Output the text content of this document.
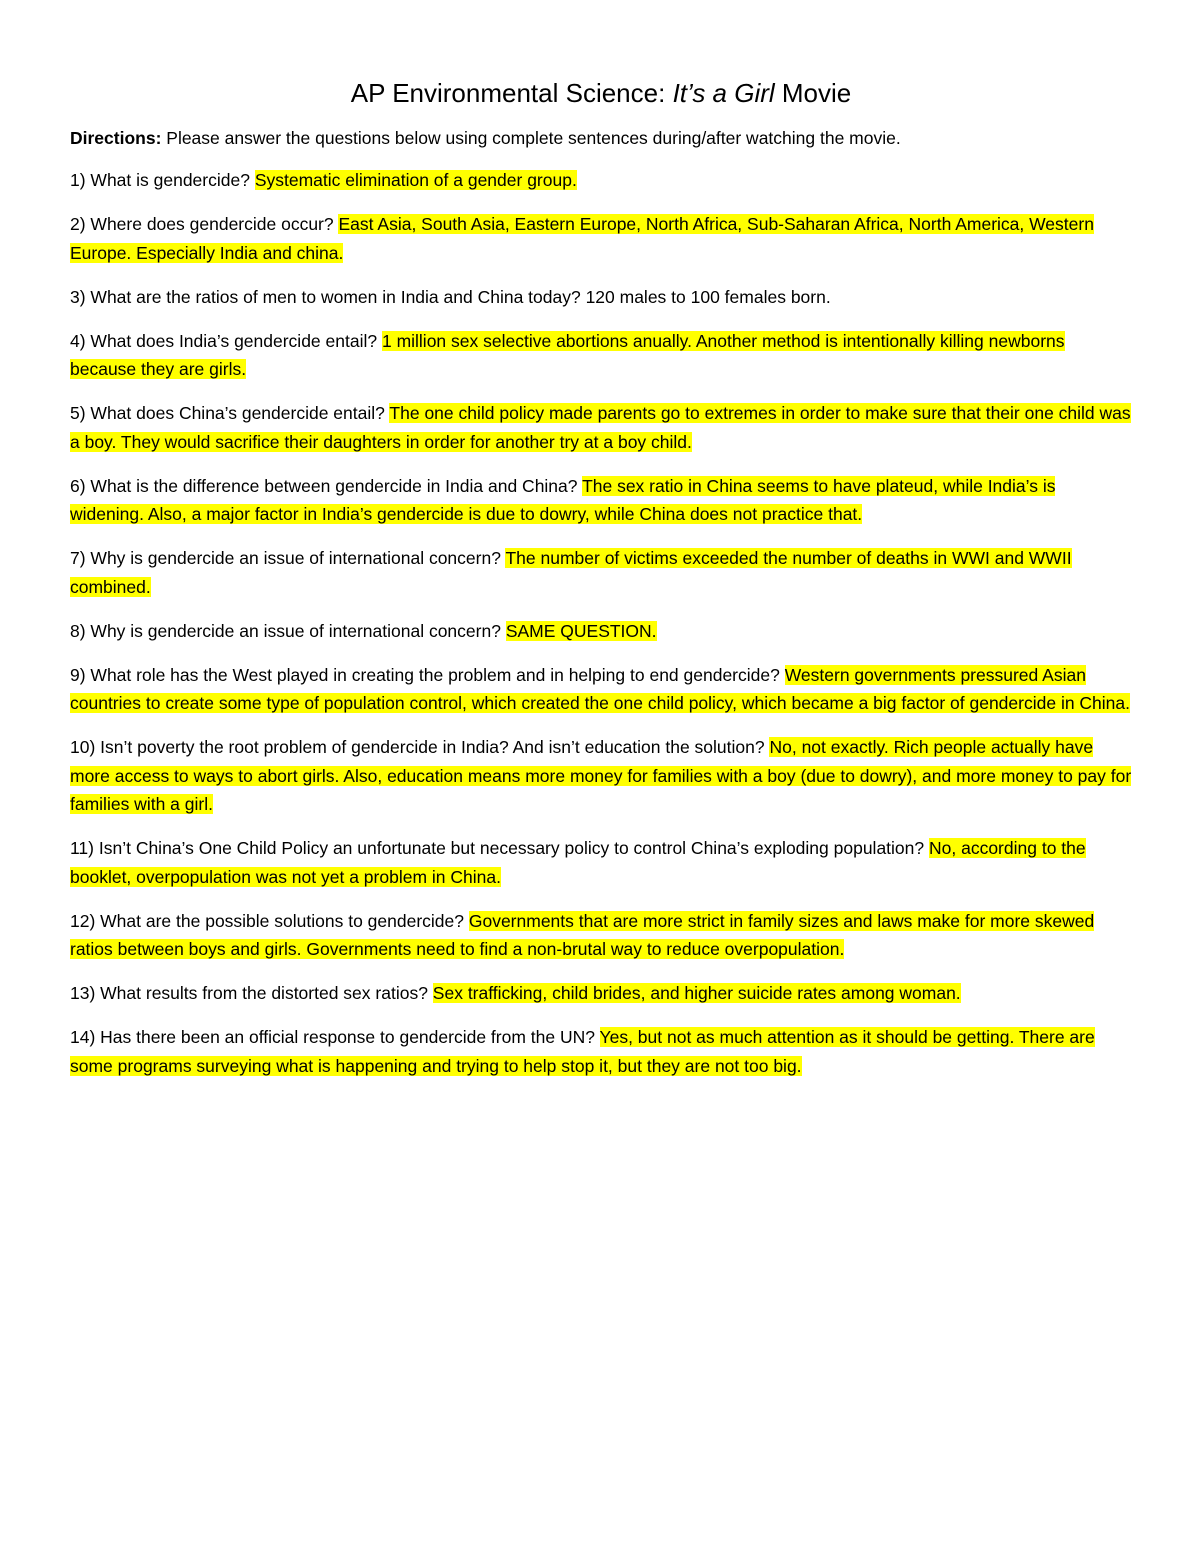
AP Environmental Science: It’s a Girl Movie

Directions: Please answer the questions below using complete sentences during/after watching the movie.

1) What is gendercide? Systematic elimination of a gender group.

2) Where does gendercide occur? East Asia, South Asia, Eastern Europe, North Africa, Sub-Saharan Africa, North America, Western Europe. Especially India and china.

3) What are the ratios of men to women in India and China today? 120 males to 100 females born.

4) What does India’s gendercide entail? 1 million sex selective abortions anually. Another method is intentionally killing newborns because they are girls.

5) What does China’s gendercide entail? The one child policy made parents go to extremes in order to make sure that their one child was a boy. They would sacrifice their daughters in order for another try at a boy child.

6) What is the difference between gendercide in India and China? The sex ratio in China seems to have plateud, while India’s is widening. Also, a major factor in India’s gendercide is due to dowry, while China does not practice that.

7) Why is gendercide an issue of international concern? The number of victims exceeded the number of deaths in WWI and WWII combined.

8) Why is gendercide an issue of international concern? SAME QUESTION.

9) What role has the West played in creating the problem and in helping to end gendercide? Western governments pressured Asian countries to create some type of population control, which created the one child policy, which became a big factor of gendercide in China.

10) Isn’t poverty the root problem of gendercide in India? And isn’t education the solution? No, not exactly. Rich people actually have more access to ways to abort girls. Also, education means more money for families with a boy (due to dowry), and more money to pay for families with a girl.

11) Isn’t China’s One Child Policy an unfortunate but necessary policy to control China’s exploding population? No, according to the booklet, overpopulation was not yet a problem in China.

12) What are the possible solutions to gendercide? Governments that are more strict in family sizes and laws make for more skewed ratios between boys and girls. Governments need to find a non-brutal way to reduce overpopulation.

13) What results from the distorted sex ratios? Sex trafficking, child brides, and higher suicide rates among woman.

14) Has there been an official response to gendercide from the UN? Yes, but not as much attention as it should be getting. There are some programs surveying what is happening and trying to help stop it, but they are not too big.
